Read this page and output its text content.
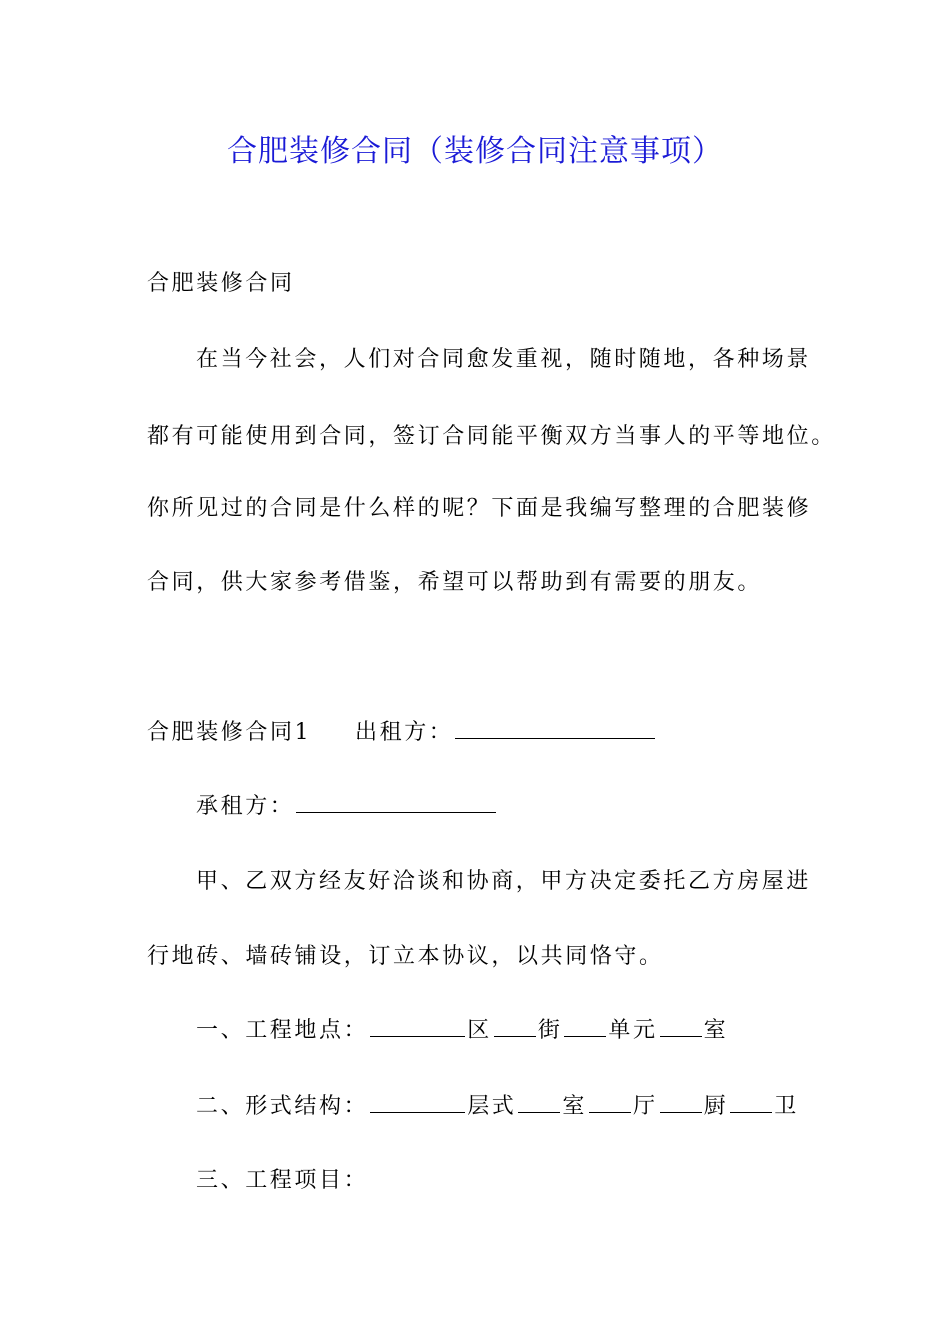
合肥装修合同（装修合同注意事项）
合肥装修合同
在当今社会，人们对合同愈发重视，随时随地，各种场景
都有可能使用到合同，签订合同能平衡双方当事人的平等地位。
你所见过的合同是什么样的呢？下面是我编写整理的合肥装修
合同，供大家参考借鉴，希望可以帮助到有需要的朋友。
合肥装修合同1 出租方：
承租方：
甲、乙双方经友好洽谈和协商，甲方决定委托乙方房屋进
行地砖、墙砖铺设，订立本协议，以共同恪守。
一、工程地点：	区 街 单元 室
二、形式结构：	层式 室 厅 厨 卫
三、工程项目：
